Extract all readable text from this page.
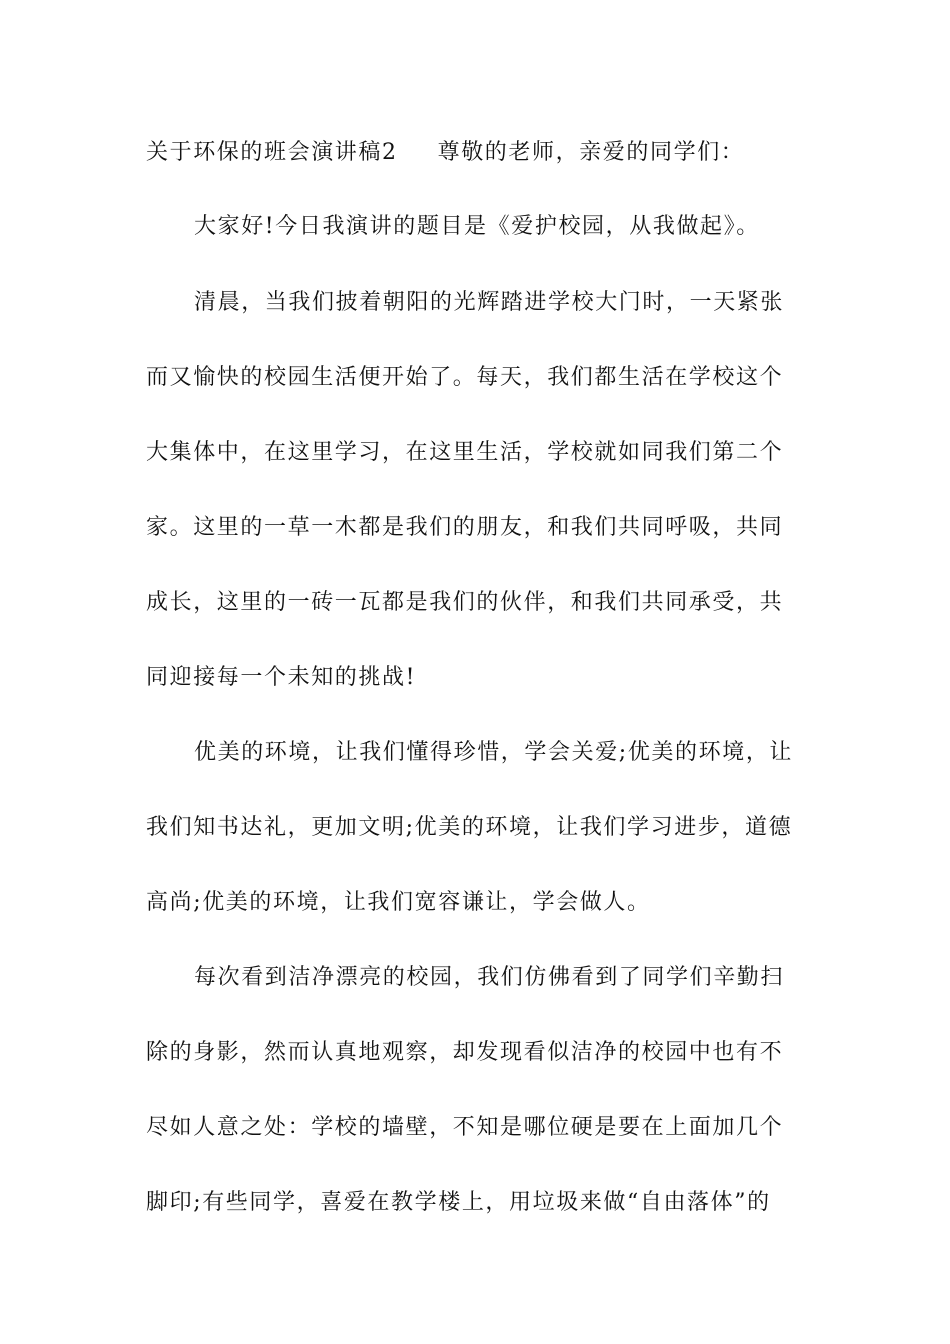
关于环保的班会演讲稿2 尊敬的老师，亲爱的同学们：
大家好!今日我演讲的题目是《爱护校园，从我做起》。
清晨，当我们披着朝阳的光辉踏进学校大门时，一天紧张
而又愉快的校园生活便开始了。每天，我们都生活在学校这个
大集体中，在这里学习，在这里生活，学校就如同我们第二个
家。这里的一草一木都是我们的朋友，和我们共同呼吸，共同
成长，这里的一砖一瓦都是我们的伙伴，和我们共同承受，共
同迎接每一个未知的挑战!
优美的环境，让我们懂得珍惜，学会关爱;优美的环境，让
我们知书达礼，更加文明;优美的环境，让我们学习进步，道德
高尚;优美的环境，让我们宽容谦让，学会做人。
每次看到洁净漂亮的校园，我们仿佛看到了同学们辛勤扫
除的身影，然而认真地观察，却发现看似洁净的校园中也有不
尽如人意之处：学校的墙壁，不知是哪位硬是要在上面加几个
脚印;有些同学，喜爱在教学楼上，用垃圾来做“自由落体”的
